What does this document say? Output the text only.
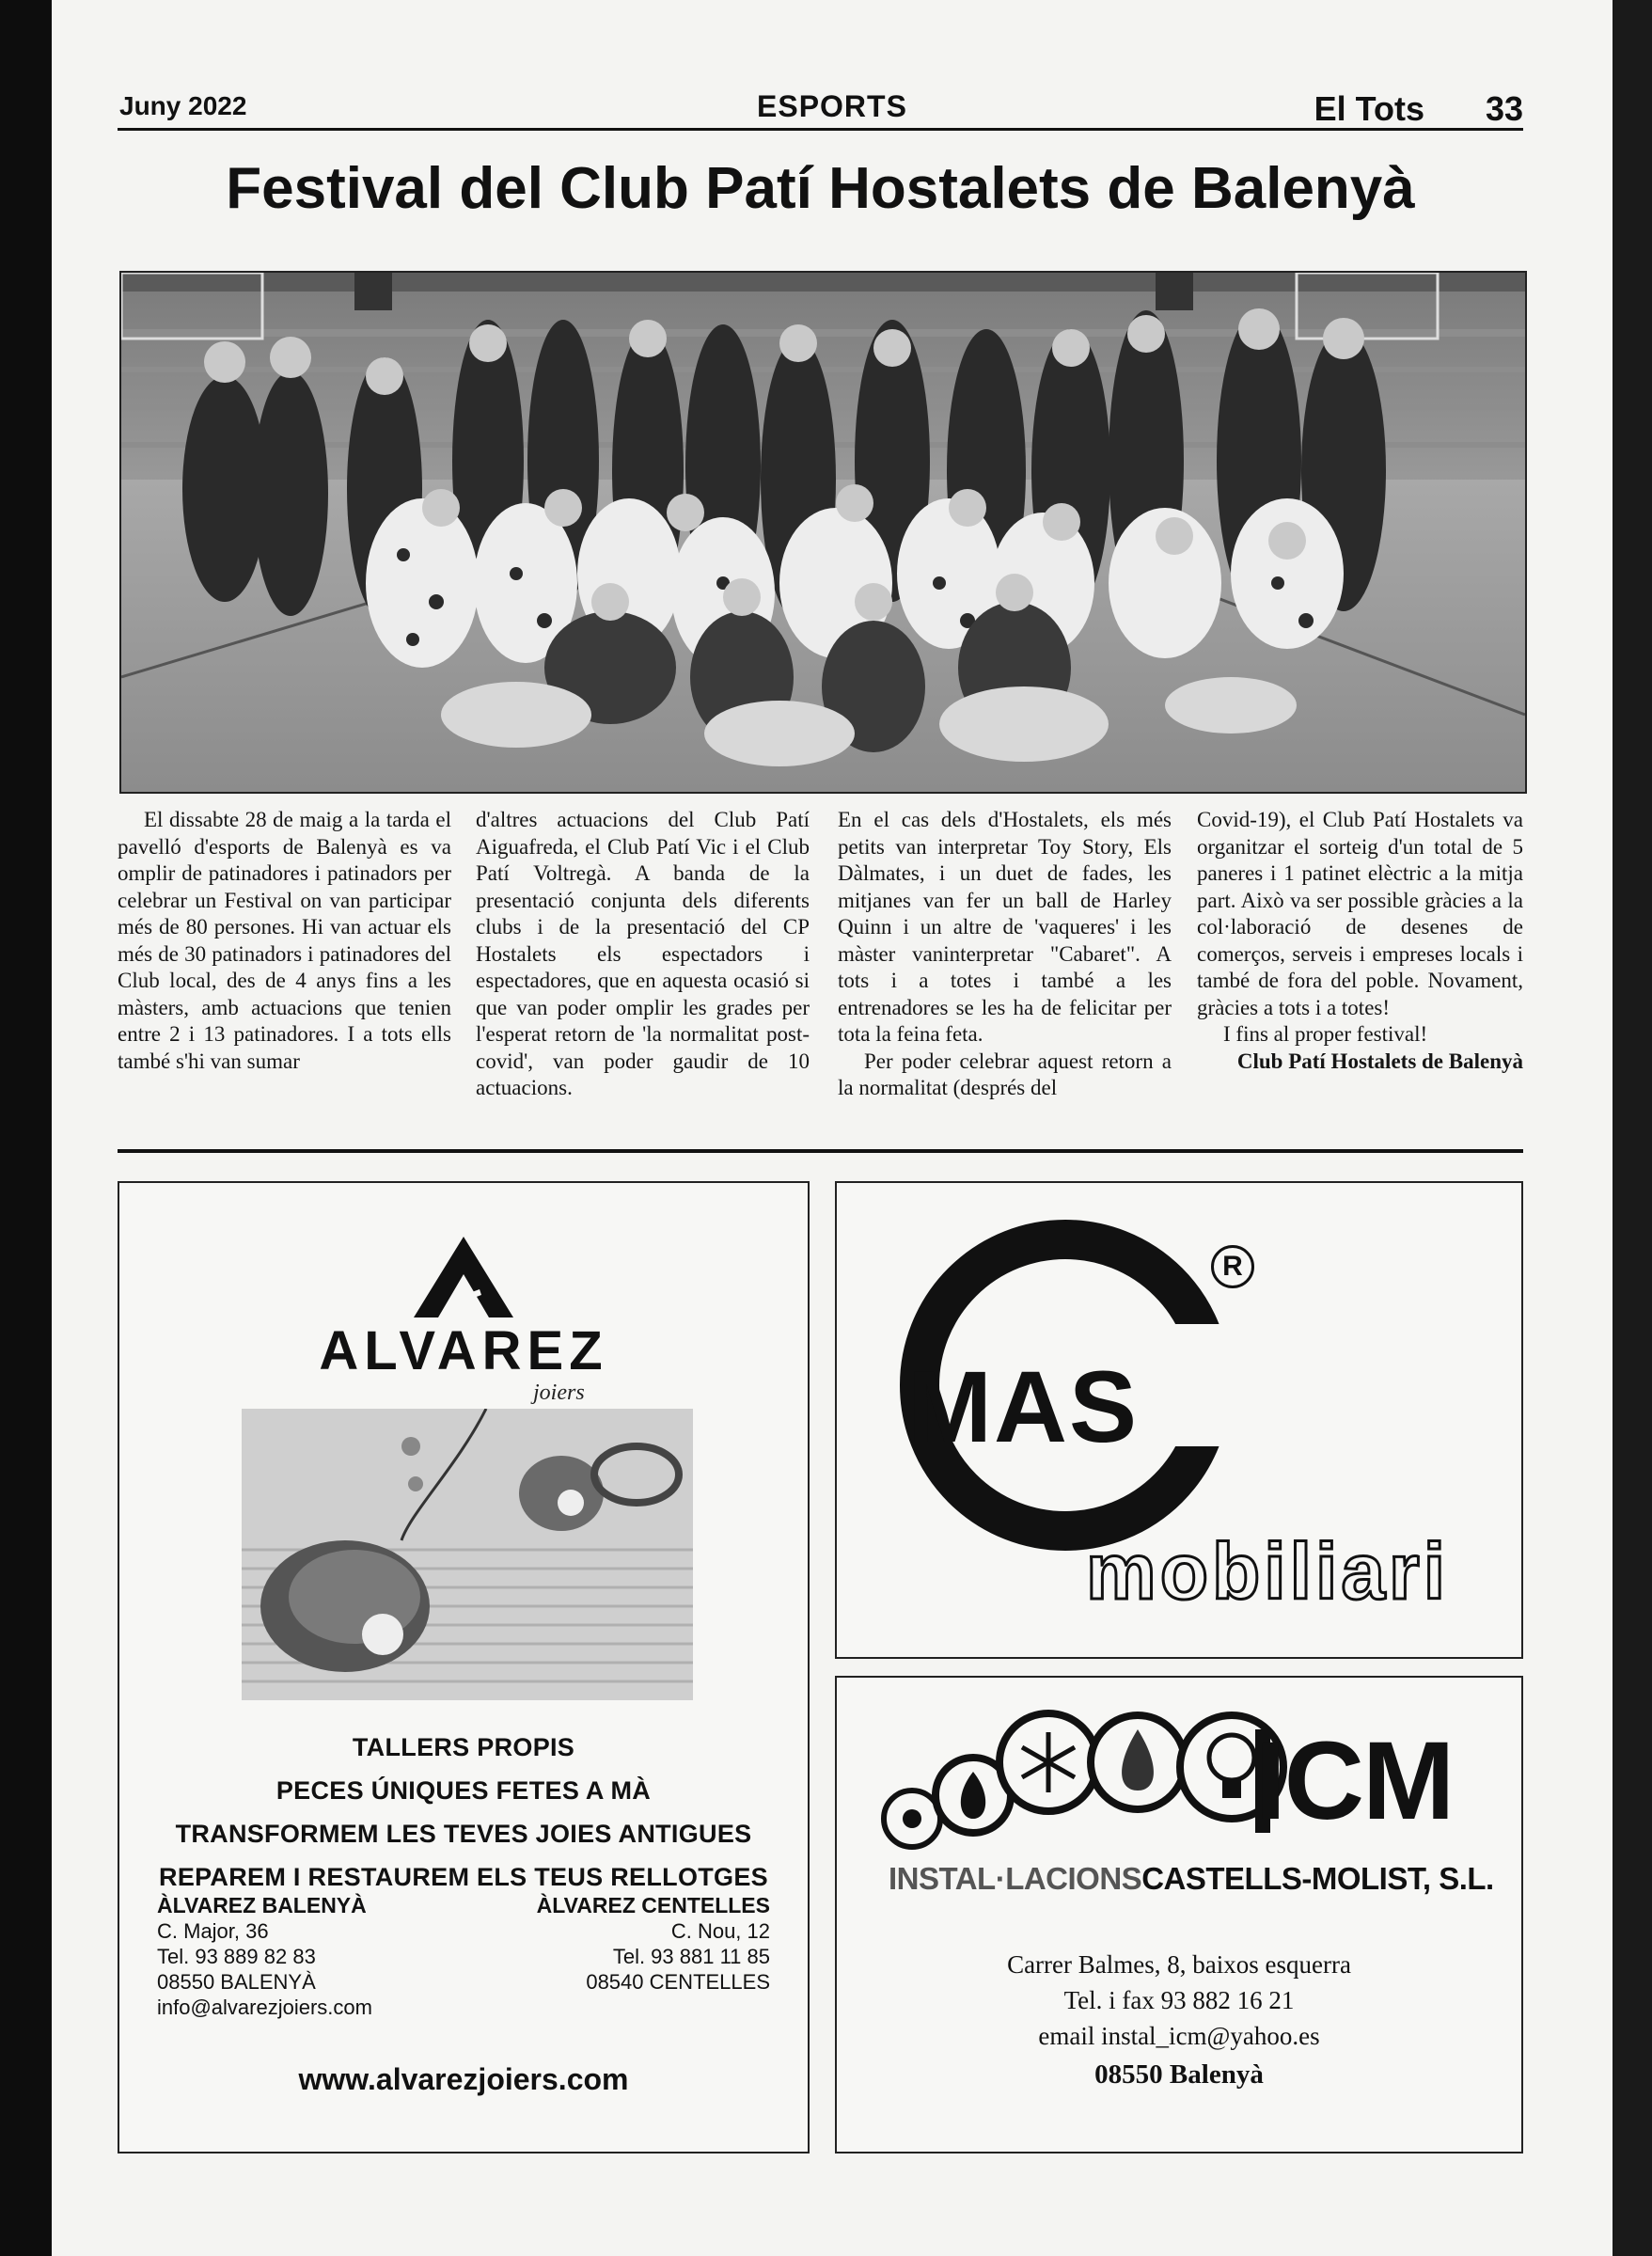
Juny 2022	ESPORTS	El Tots 33
Festival del Club Patí Hostalets de Balenyà

El dissabte 28 de maig a la tarda el pavelló d'esports de Balenyà es va omplir de patinadores i patinadors per celebrar un Festival on van participar més de 80 persones. Hi van actuar els més de 30 patinadors i patinadores del Club local, des de 4 anys fins a les màsters, amb actuacions que tenien entre 2 i 13 patinadores. I a tots ells també s'hi van sumar

d'altres actuacions del Club Patí Aiguafreda, el Club Patí Vic i el Club Patí Voltregà. A banda de la presentació conjunta dels diferents clubs i de la presentació del CP Hostalets els espectadors i espectadores, que en aquesta ocasió si que van poder omplir les grades per l'esperat retorn de 'la normalitat post-covid', van poder gaudir de 10 actuacions.

En el cas dels d'Hostalets, els més petits van interpretar Toy Story, Els Dàlmates, i un duet de fades, les mitjanes van fer un ball de Harley Quinn i un altre de 'vaqueres' i les màster vaninterpretar "Cabaret". A tots i a totes i també a les entrenadores se les ha de felicitar per tota la feina feta.

Per poder celebrar aquest retorn a la normalitat (després del

Covid-19), el Club Patí Hostalets va organitzar el sorteig d'un total de 5 paneres i 1 patinet elèctric a la mitja part. Això va ser possible gràcies a la col·laboració de desenes de comerços, serveis i empreses locals i també de fora del poble. Novament, gràcies a tots i a totes!

I fins al proper festival!

Club Patí Hostalets de Balenyà

ALVAREZ
joiers
TALLERS PROPIS
PECES ÚNIQUES FETES A MÀ
TRANSFORMEM LES TEVES JOIES ANTIGUES
REPAREM I RESTAUREM ELS TEUS RELLOTGES
ÀLVAREZ BALENYÀ
C. Major, 36
Tel. 93 889 82 83
08550 BALENYÀ
info@alvarezjoiers.com
ÀLVAREZ CENTELLES
C. Nou, 12
Tel. 93 881 11 85
08540 CENTELLES
www.alvarezjoiers.com
R
MAS
mobiliari
ICM
INSTAL·LACIONSCASTELLS-MOLIST, S.L.
Carrer Balmes, 8, baixos esquerra
Tel. i fax 93 882 16 21
email instal_icm@yahoo.es
08550 Balenyà
